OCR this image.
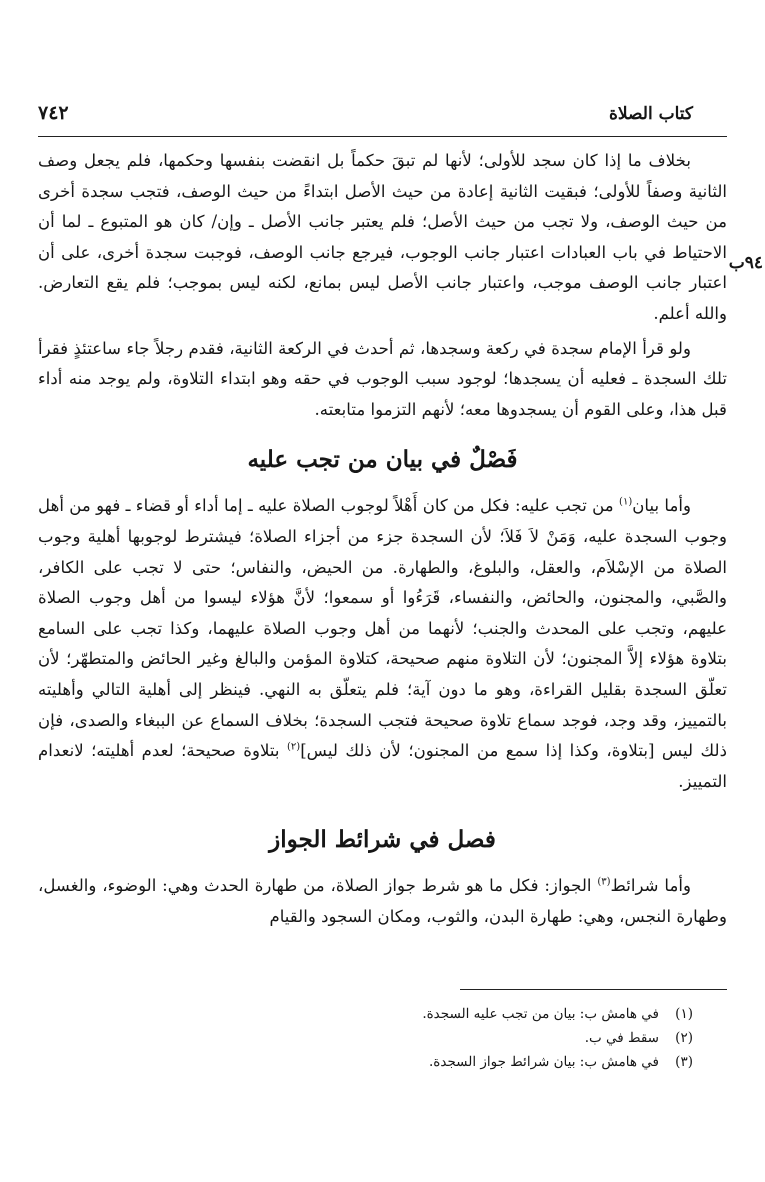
كتاب الصلاة
٧٤٢
٩٤ب

بخلاف ما إذا كان سجد للأولى؛ لأنها لم تبقَ حكماً بل انقضت بنفسها وحكمها، فلم يجعل وصف الثانية وصفاً للأولى؛ فبقيت الثانية إعادة من حيث الأصل ابتداءً من حيث الوصف، فتجب سجدة أخرى من حيث الوصف، ولا تجب من حيث الأصل؛ فلم يعتبر جانب الأصل ـ وإن/ كان هو المتبوع ـ لما أن الاحتياط في باب العبادات اعتبار جانب الوجوب، فيرجع جانب الوصف، فوجبت سجدة أخرى، على أن اعتبار جانب الوصف موجب، واعتبار جانب الأصل ليس بمانع، لكنه ليس بموجب؛ فلم يقع التعارض. والله أعلم.

ولو قرأ الإمام سجدة في ركعة وسجدها، ثم أحدث في الركعة الثانية، فقدم رجلاً جاء ساعتئذٍ فقرأ تلك السجدة ـ فعليه أن يسجدها؛ لوجود سبب الوجوب في حقه وهو ابتداء التلاوة، ولم يوجد منه أداء قبل هذا، وعلى القوم أن يسجدوها معه؛ لأنهم التزموا متابعته.

فَصْلٌ في بيان من تجب عليه

وأما بيان$^{(١)}$ من تجب عليه: فكل من كان أَهْلاً لوجوب الصلاة عليه ـ إما أداء أو قضاء ـ فهو من أهل وجوب السجدة عليه، وَمَنْ لاَ فَلاَ؛ لأن السجدة جزء من أجزاء الصلاة؛ فيشترط لوجوبها أهلية وجوب الصلاة من الإسْلاَم، والعقل، والبلوغ، والطهارة. من الحيض، والنفاس؛ حتى لا تجب على الكافر، والصَّبي، والمجنون، والحائض، والنفساء، قَرَءُوا أو سمعوا؛ لأنَّ هؤلاء ليسوا من أهل وجوب الصلاة عليهم، وتجب على المحدث والجنب؛ لأنهما من أهل وجوب الصلاة عليهما، وكذا تجب على السامع بتلاوة هؤلاء إلاَّ المجنون؛ لأن التلاوة منهم صحيحة، كتلاوة المؤمن والبالغ وغير الحائض والمتطهّر؛ لأن تعلّق السجدة بقليل القراءة، وهو ما دون آية؛ فلم يتعلّق به النهي. فينظر إلى أهلية التالي وأهليته بالتمييز، وقد وجد، فوجد سماع تلاوة صحيحة فتجب السجدة؛ بخلاف السماع عن الببغاء والصدى، فإن ذلك ليس [بتلاوة، وكذا إذا سمع من المجنون؛ لأن ذلك ليس]$^{(٢)}$ بتلاوة صحيحة؛ لعدم أهليته؛ لانعدام التمييز.

فصل في شرائط الجواز

وأما شرائط$^{(٣)}$ الجواز: فكل ما هو شرط جواز الصلاة، من طهارة الحدث وهي: الوضوء، والغسل، وطهارة النجس، وهي: طهارة البدن، والثوب، ومكان السجود والقيام

(١)في هامش ب: بيان من تجب عليه السجدة.
(٢)سقط في ب.
(٣)في هامش ب: بيان شرائط جواز السجدة.
